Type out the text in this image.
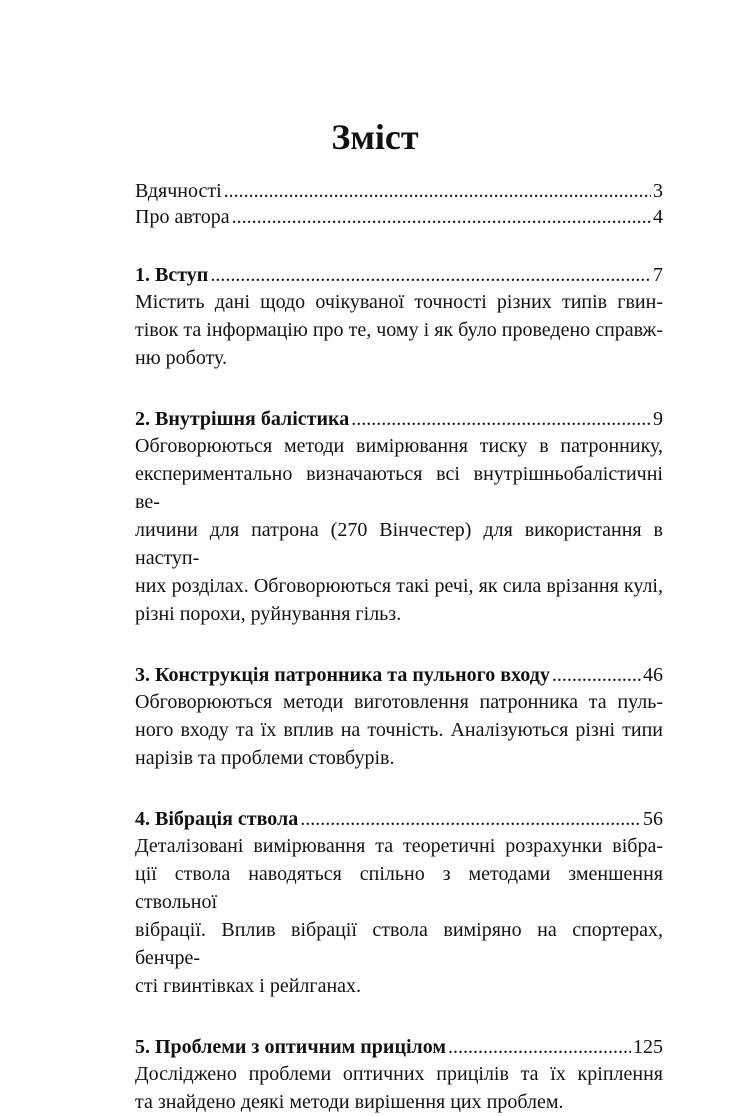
Зміст
Вдячності .....	3
Про автора .....	4
1. Вступ .....	7

Містить дані щодо очікуваної точності різних типів гвин-
тівок та інформацію про те, чому і як було проведено справж-
ню роботу.

2. Внутрішня балістика .....	9

Обговорюються методи вимірювання тиску в патроннику,
експериментально визначаються всі внутрішньобалістичні ве-
личини для патрона (270 Вінчестер) для використання в наступ-
них розділах. Обговорюються такі речі, як сила врізання кулі,
різні порохи, руйнування гільз.

3. Конструкція патронника та пульного входу .....	46

Обговорюються методи виготовлення патронника та пуль-
ного входу та їх вплив на точність. Аналізуються різні типи
нарізів та проблеми стовбурів.

4. Вібрація ствола .....	56

Деталізовані вимірювання та теоретичні розрахунки вібра-
ції ствола наводяться спільно з методами зменшення ствольної
вібрації. Вплив вібрації ствола виміряно на спортерах, бенчре-
сті гвинтівках і рейлганах.

5. Проблеми з оптичним прицілом .....	125

Досліджено проблеми оптичних прицілів та їх кріплення
та знайдено деякі методи вирішення цих проблем.
